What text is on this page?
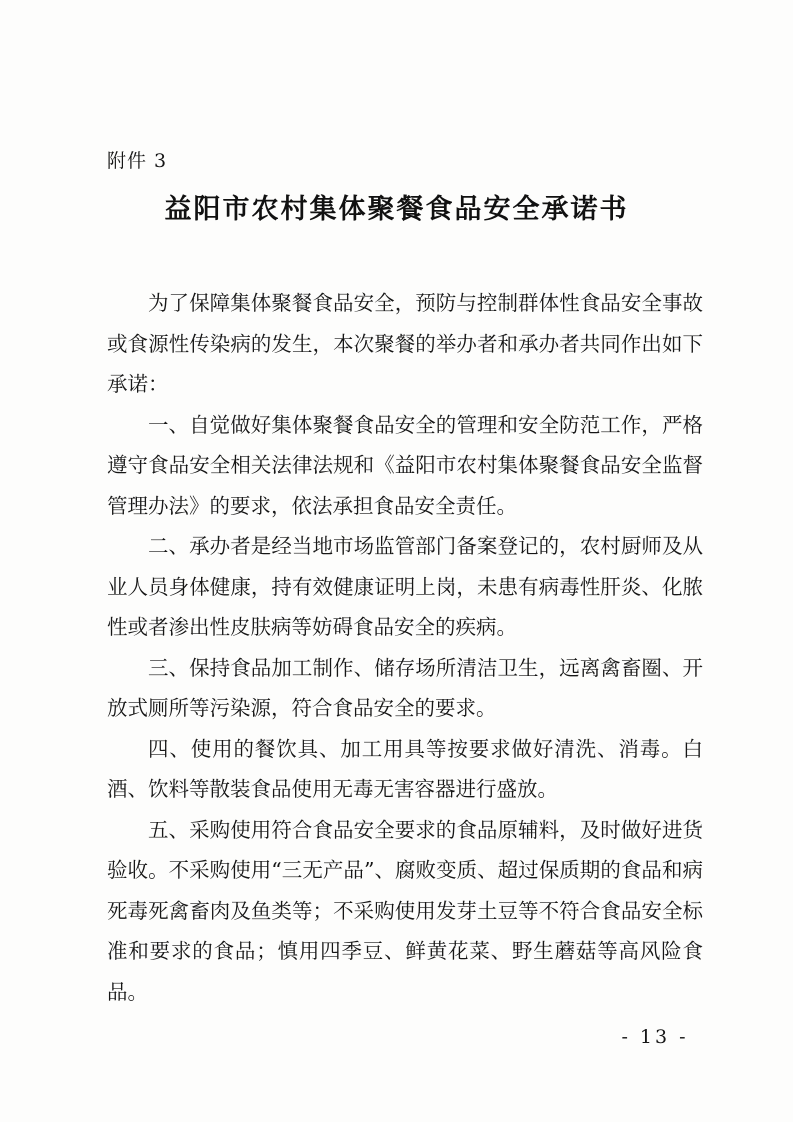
附件 3
益阳市农村集体聚餐食品安全承诺书

为了保障集体聚餐食品安全，预防与控制群体性食品安全事故或食源性传染病的发生，本次聚餐的举办者和承办者共同作出如下承诺：

一、自觉做好集体聚餐食品安全的管理和安全防范工作，严格遵守食品安全相关法律法规和《益阳市农村集体聚餐食品安全监督管理办法》的要求，依法承担食品安全责任。

二、承办者是经当地市场监管部门备案登记的，农村厨师及从业人员身体健康，持有效健康证明上岗，未患有病毒性肝炎、化脓性或者渗出性皮肤病等妨碍食品安全的疾病。

三、保持食品加工制作、储存场所清洁卫生，远离禽畜圈、开放式厕所等污染源，符合食品安全的要求。

四、使用的餐饮具、加工用具等按要求做好清洗、消毒。白酒、饮料等散装食品使用无毒无害容器进行盛放。

五、采购使用符合食品安全要求的食品原辅料，及时做好进货验收。不采购使用“三无产品”、腐败变质、超过保质期的食品和病死毒死禽畜肉及鱼类等；不采购使用发芽土豆等不符合食品安全标准和要求的食品；慎用四季豆、鲜黄花菜、野生蘑菇等高风险食品。

- 13 -
